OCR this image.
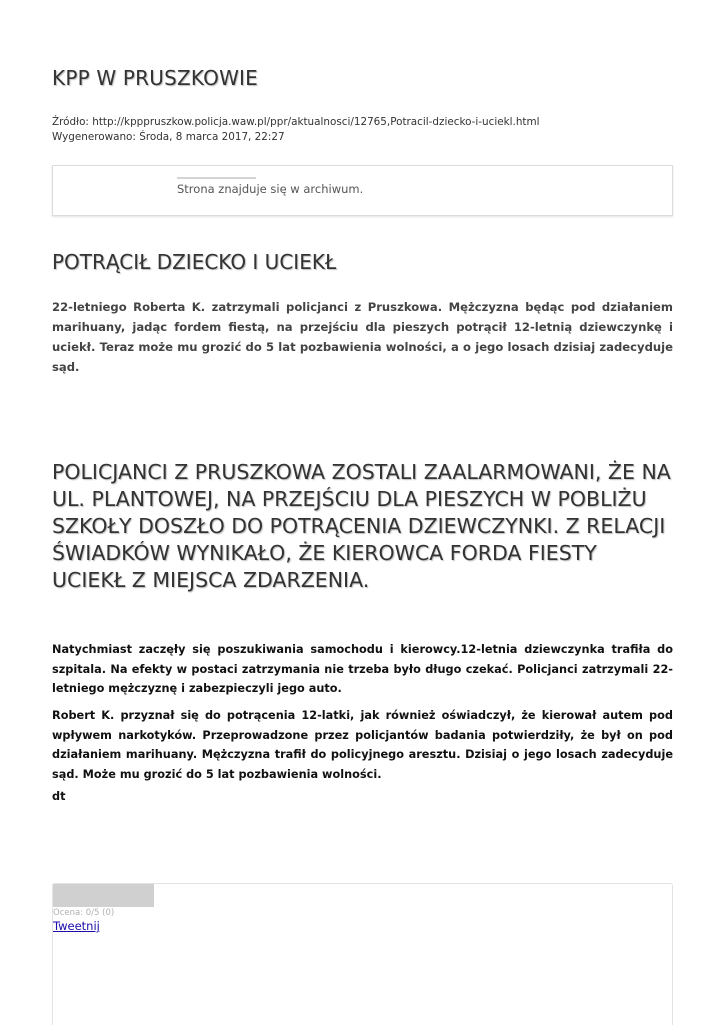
KPP W PRUSZKOWIE
Źródło: http://kpppruszkow.policja.waw.pl/ppr/aktualnosci/12765,Potracil-dziecko-i-uciekl.html
Wygenerowano: Środa, 8 marca 2017, 22:27
Strona znajduje się w archiwum.
POTRĄCIŁ DZIECKO I UCIEKŁ

22-letniego Roberta K. zatrzymali policjanci z Pruszkowa. Mężczyzna będąc pod działaniem marihuany, jadąc fordem fiestą, na przejściu dla pieszych potrącił 12-letnią dziewczynkę i uciekł. Teraz może mu grozić do 5 lat pozbawienia wolności, a o jego losach dzisiaj zadecyduje sąd.

POLICJANCI Z PRUSZKOWA ZOSTALI ZAALARMOWANI, ŻE NA UL. PLANTOWEJ, NA PRZEJŚCIU DLA PIESZYCH W POBLIŻU SZKOŁY DOSZŁO DO POTRĄCENIA DZIEWCZYNKI. Z RELACJI ŚWIADKÓW WYNIKAŁO, ŻE KIEROWCA FORDA FIESTY UCIEKŁ Z MIEJSCA ZDARZENIA.

Natychmiast zaczęły się poszukiwania samochodu i kierowcy.12-letnia dziewczynka trafiła do szpitala. Na efekty w postaci zatrzymania nie trzeba było długo czekać. Policjanci zatrzymali 22-letniego mężczyznę i zabezpieczyli jego auto.

Robert K. przyznał się do potrącenia 12-latki, jak również oświadczył, że kierował autem pod wpływem narkotyków. Przeprowadzone przez policjantów badania potwierdziły, że był on pod działaniem marihuany. Mężczyzna trafił do policyjnego aresztu. Dzisiaj o jego losach zadecyduje sąd. Może mu grozić do 5 lat pozbawienia wolności.

dt

Ocena: 0/5 (0)
Tweetnij
